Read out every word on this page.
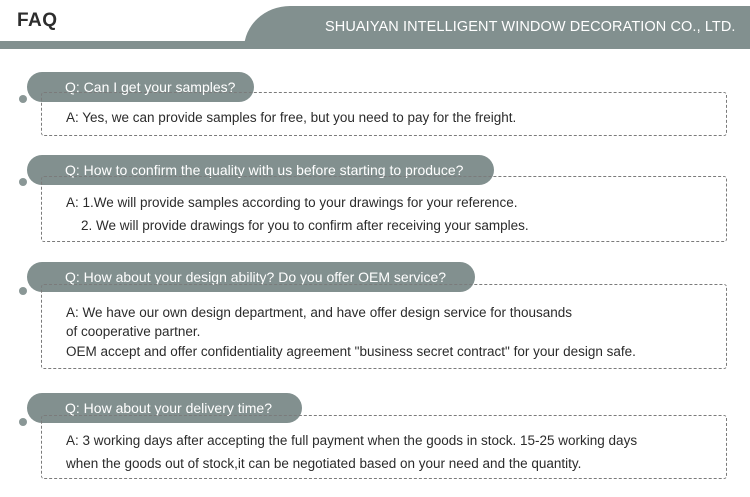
FAQ	SHUAIYAN INTELLIGENT WINDOW DECORATION CO., LTD.
Q: Can I get your samples?
A: Yes, we can provide samples for free, but you need to pay for the freight.
Q: How to confirm the quality with us before starting to produce?
A: 1.We will provide samples according to your drawings for your reference.
2. We will provide drawings for you to confirm after receiving your samples.
Q: How about your design ability? Do you offer OEM service?
A: We have our own design department, and have offer design service for thousands
of cooperative partner.
OEM accept and offer confidentiality agreement "business secret contract" for your design safe.
Q: How about your delivery time?
A: 3 working days after accepting the full payment when the goods in stock. 15-25 working days
when the goods out of stock,it can be negotiated based on your need and the quantity.
